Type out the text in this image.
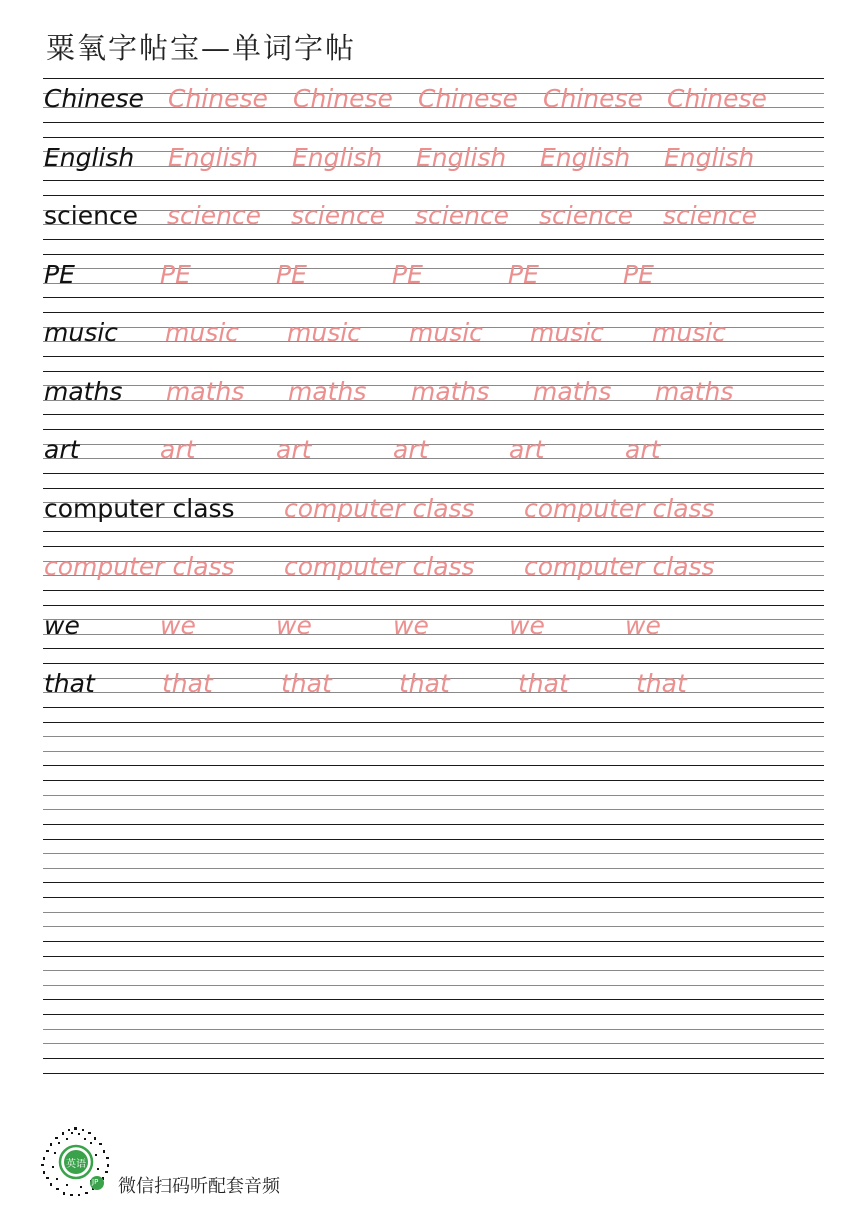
粟氧字帖宝—单词字帖
Chinese Chinese Chinese Chinese Chinese Chinese
English English English English English English
science science science science science science
PE	PE	PE	PE	PE	PE
music music music music music music
maths maths maths maths maths maths
art	art	art	art	art	art
computer class computer class computer class
computer class computer class computer class
we	we	we	we	we	we
that	that	that	that	that	that
英语
JP 微信扫码听配套音频
